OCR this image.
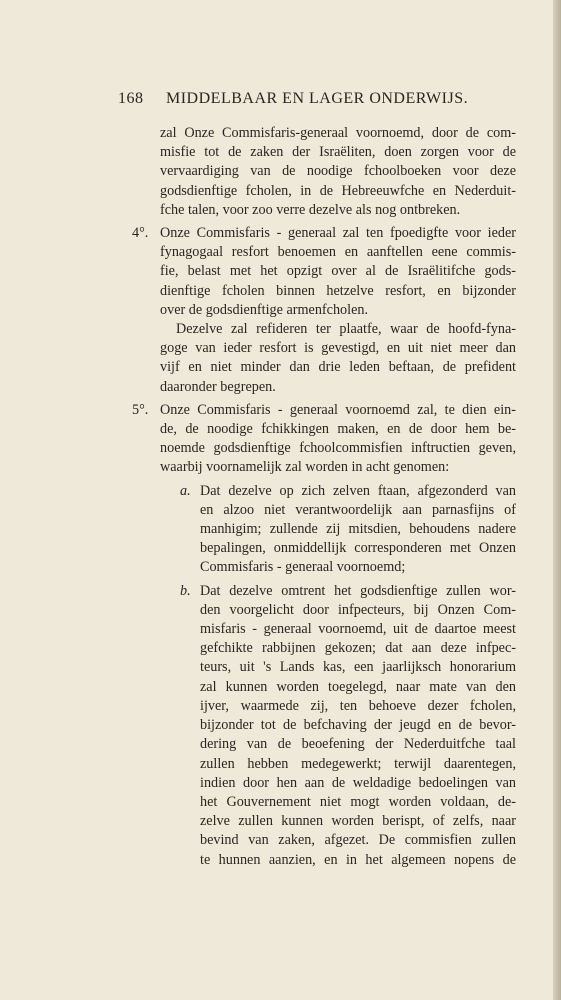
168 MIDDELBAAR EN LAGER ONDERWIJS.

zal Onze Commisfaris-generaal voornoemd, door de com-

misfie tot de zaken der Israëliten, doen zorgen voor de

vervaardiging van de noodige fchoolboeken voor deze

godsdienftige fcholen, in de Hebreeuwfche en Nederduit-

fche talen, voor zoo verre dezelve als nog ontbreken.

4°. Onze Commisfaris - generaal zal ten fpoedigfte voor ieder

fynagogaal resfort benoemen en aanftellen eene commis-

fie, belast met het opzigt over al de Israëlitifche gods-

dienftige fcholen binnen hetzelve resfort, en bijzonder

over de godsdienftige armenfcholen.

Dezelve zal refideren ter plaatfe, waar de hoofd-fyna-

goge van ieder resfort is gevestigd, en uit niet meer dan

vijf en niet minder dan drie leden beftaan, de prefident

daaronder begrepen.

5°. Onze Commisfaris - generaal voornoemd zal, te dien ein-

de, de noodige fchikkingen maken, en de door hem be-

noemde godsdienftige fchoolcommisfien inftructien geven,

waarbij voornamelijk zal worden in acht genomen:

a. Dat dezelve op zich zelven ftaan, afgezonderd van

en alzoo niet verantwoordelijk aan parnasfijns of

manhigim; zullende zij mitsdien, behoudens nadere

bepalingen, onmiddellijk corresponderen met Onzen

Commisfaris - generaal voornoemd;

b. Dat dezelve omtrent het godsdienftige zullen wor-

den voorgelicht door infpecteurs, bij Onzen Com-

misfaris - generaal voornoemd, uit de daartoe meest

gefchikte rabbijnen gekozen; dat aan deze infpec-

teurs, uit 's Lands kas, een jaarlijksch honorarium

zal kunnen worden toegelegd, naar mate van den

ijver, waarmede zij, ten behoeve dezer fcholen,

bijzonder tot de befchaving der jeugd en de bevor-

dering van de beoefening der Nederduitfche taal

zullen hebben medegewerkt; terwijl daarentegen,

indien door hen aan de weldadige bedoelingen van

het Gouvernement niet mogt worden voldaan, de-

zelve zullen kunnen worden berispt, of zelfs, naar

bevind van zaken, afgezet. De commisfien zullen

te hunnen aanzien, en in het algemeen nopens de
